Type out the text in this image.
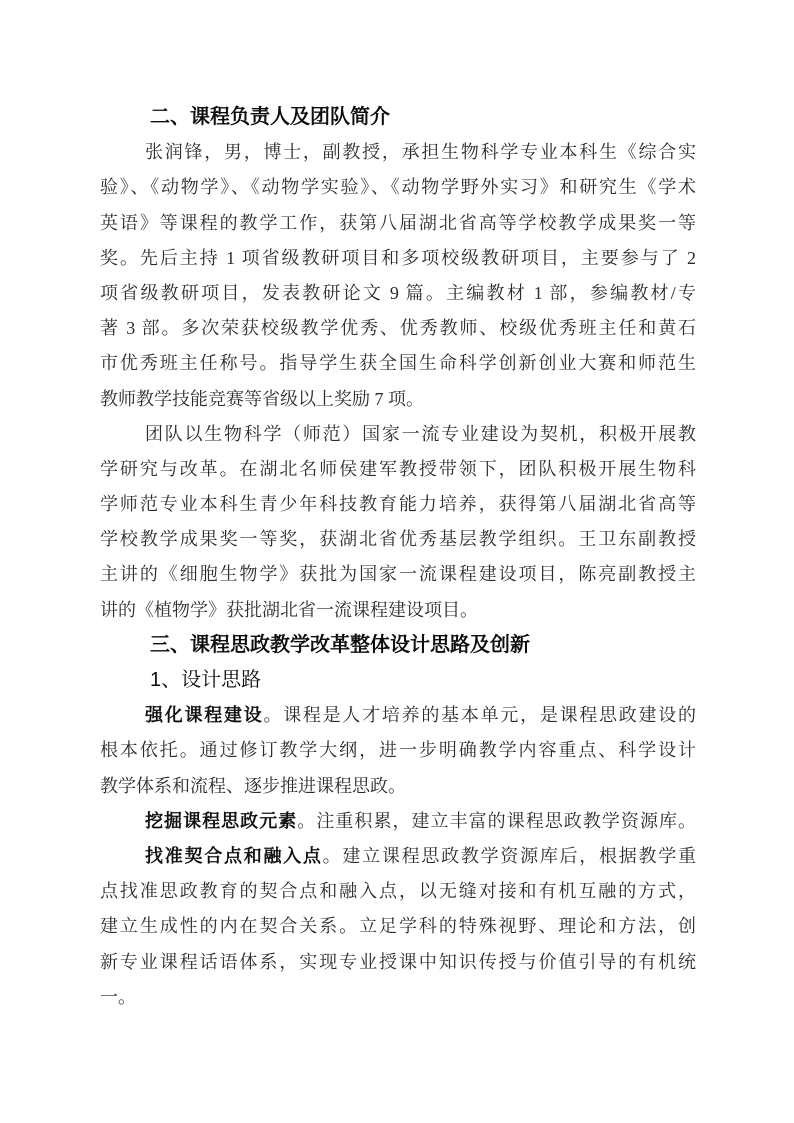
二、课程负责人及团队简介
张润锋，男，博士，副教授，承担生物科学专业本科生《综合实
验》、《动物学》、《动物学实验》、《动物学野外实习》和研究生《学术
英语》等课程的教学工作，获第八届湖北省高等学校教学成果奖一等
奖。先后主持 1 项省级教研项目和多项校级教研项目，主要参与了 2
项省级教研项目，发表教研论文 9 篇。主编教材 1 部，参编教材/专
著 3 部。多次荣获校级教学优秀、优秀教师、校级优秀班主任和黄石
市优秀班主任称号。指导学生获全国生命科学创新创业大赛和师范生
教师教学技能竞赛等省级以上奖励 7 项。
团队以生物科学（师范）国家一流专业建设为契机，积极开展教
学研究与改革。在湖北名师侯建军教授带领下，团队积极开展生物科
学师范专业本科生青少年科技教育能力培养，获得第八届湖北省高等
学校教学成果奖一等奖，获湖北省优秀基层教学组织。王卫东副教授
主讲的《细胞生物学》获批为国家一流课程建设项目，陈亮副教授主
讲的《植物学》获批湖北省一流课程建设项目。
三、课程思政教学改革整体设计思路及创新
1、设计思路
强化课程建设。课程是人才培养的基本单元，是课程思政建设的
根本依托。通过修订教学大纲，进一步明确教学内容重点、科学设计
教学体系和流程、逐步推进课程思政。
挖掘课程思政元素。注重积累，建立丰富的课程思政教学资源库。
找准契合点和融入点。建立课程思政教学资源库后，根据教学重
点找准思政教育的契合点和融入点，以无缝对接和有机互融的方式，
建立生成性的内在契合关系。立足学科的特殊视野、理论和方法，创
新专业课程话语体系，实现专业授课中知识传授与价值引导的有机统
一。
